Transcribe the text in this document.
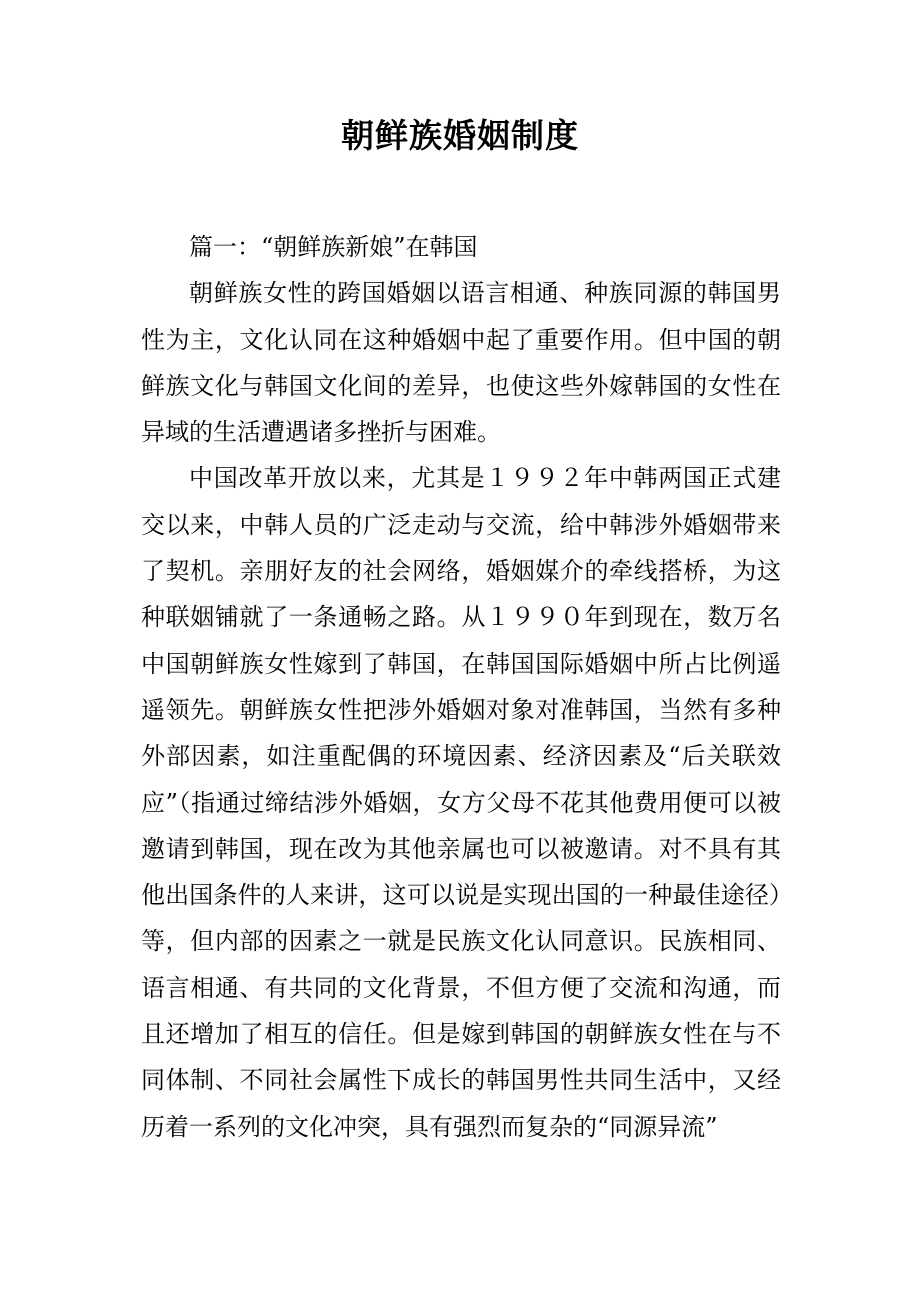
朝鲜族婚姻制度

篇一：“朝鲜族新娘”在韩国

朝鲜族女性的跨国婚姻以语言相通、种族同源的韩国男性为主，文化认同在这种婚姻中起了重要作用。但中国的朝鲜族文化与韩国文化间的差异，也使这些外嫁韩国的女性在异域的生活遭遇诸多挫折与困难。

中国改革开放以来，尤其是１９９２年中韩两国正式建交以来，中韩人员的广泛走动与交流，给中韩涉外婚姻带来了契机。亲朋好友的社会网络，婚姻媒介的牵线搭桥，为这种联姻铺就了一条通畅之路。从１９９０年到现在，数万名中国朝鲜族女性嫁到了韩国，在韩国国际婚姻中所占比例遥遥领先。朝鲜族女性把涉外婚姻对象对准韩国，当然有多种外部因素，如注重配偶的环境因素、经济因素及“后关联效应”（指通过缔结涉外婚姻，女方父母不花其他费用便可以被邀请到韩国，现在改为其他亲属也可以被邀请。对不具有其他出国条件的人来讲，这可以说是实现出国的一种最佳途径）等，但内部的因素之一就是民族文化认同意识。民族相同、语言相通、有共同的文化背景，不但方便了交流和沟通，而且还增加了相互的信任。但是嫁到韩国的朝鲜族女性在与不同体制、不同社会属性下成长的韩国男性共同生活中，又经历着一系列的文化冲突，具有强烈而复杂的“同源异流”
